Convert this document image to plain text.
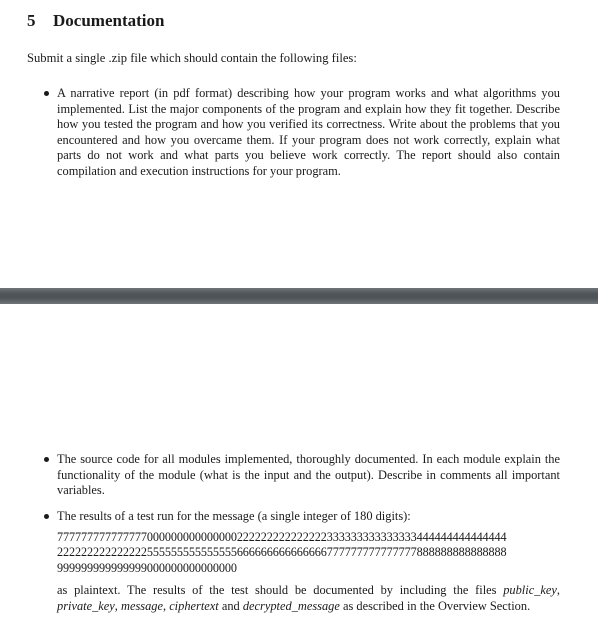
5 Documentation
Submit a single .zip file which should contain the following files:
A narrative report (in pdf format) describing how your program works and what algorithms you implemented. List the major components of the program and explain how they fit together. Describe how you tested the program and how you verified its correctness. Write about the problems that you encountered and how you overcame them. If your program does not work correctly, explain what parts do not work and what parts you believe work correctly. The report should also contain compilation and execution instructions for your program.
The source code for all modules implemented, thoroughly documented. In each module explain the functionality of the module (what is the input and the output). Describe in comments all important variables.
The results of a test run for the message (a single integer of 180 digits):
777777777777777000000000000000222222222222222333333333333333444444444444444
222222222222222555555555555555666666666666666777777777777777888888888888888
999999999999999000000000000000
as plaintext. The results of the test should be documented by including the files public_key, private_key, message, ciphertext and decrypted_message as described in the Overview Section.
